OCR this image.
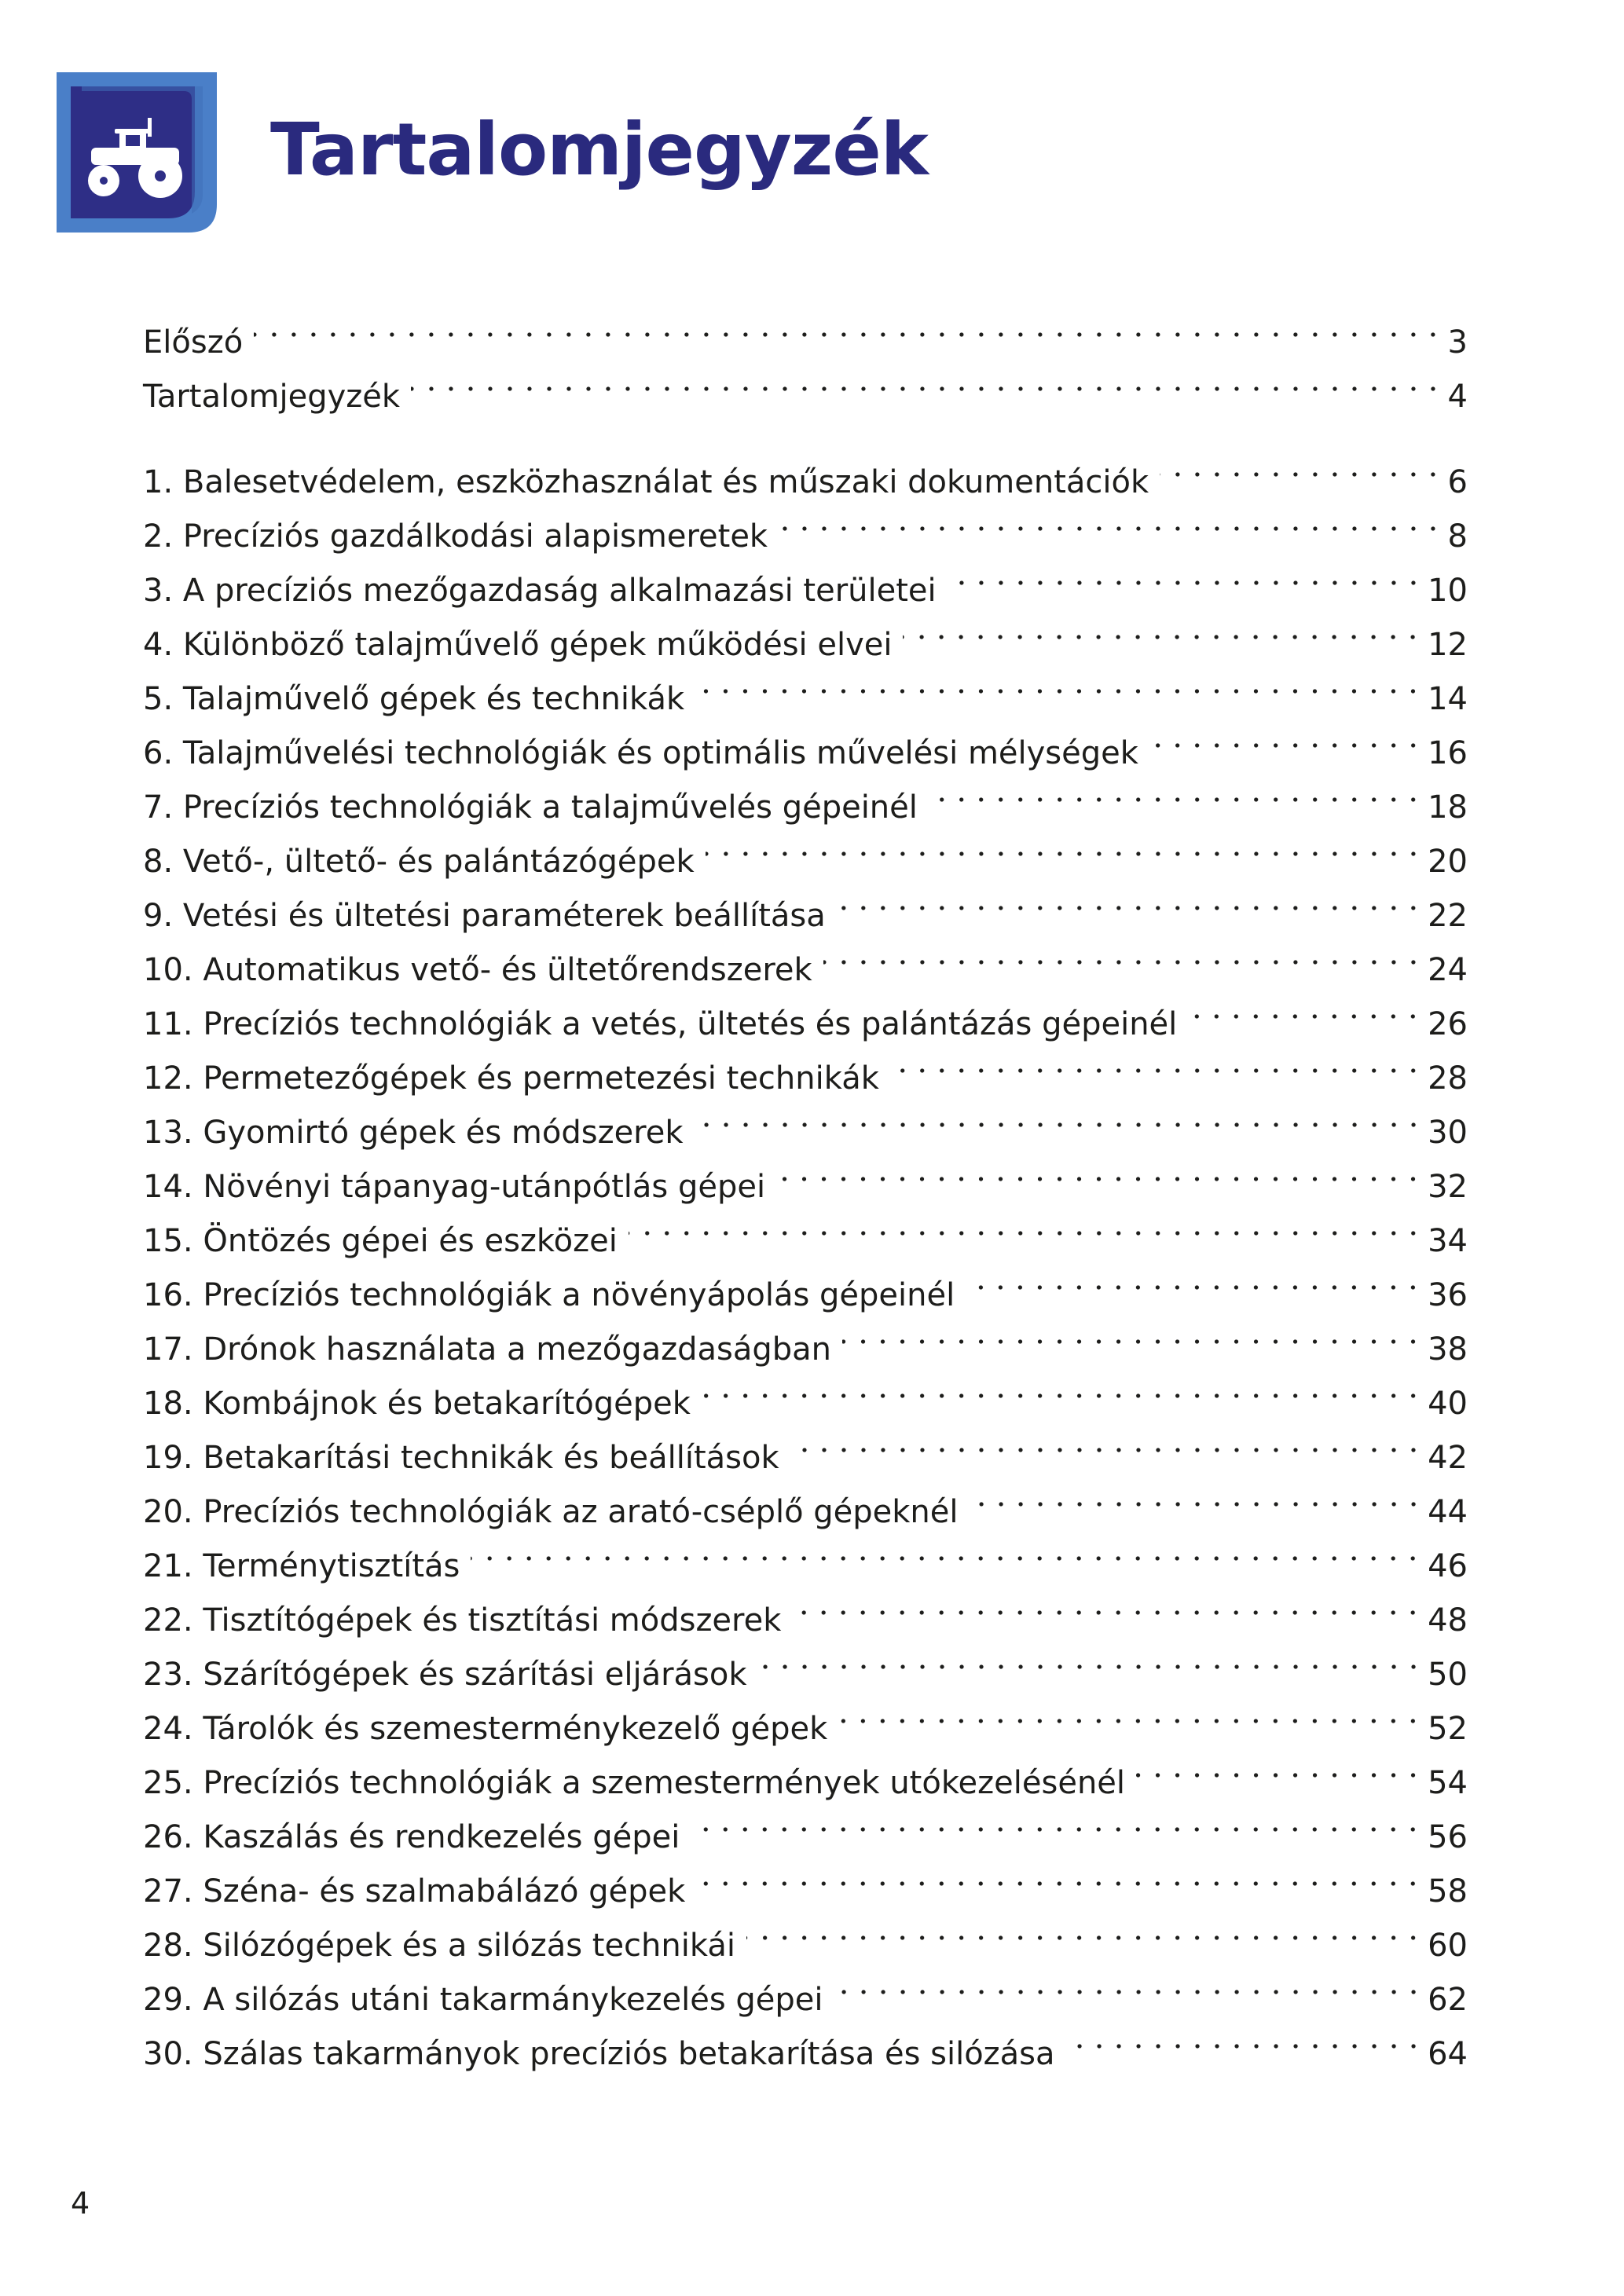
Tartalomjegyzék
Előszó	3
Tartalomjegyzék	4
1. Balesetvédelem, eszközhasználat és műszaki dokumentációk	6
2. Precíziós gazdálkodási alapismeretek	8
3. A precíziós mezőgazdaság alkalmazási területei	10
4. Különböző talajművelő gépek működési elvei	12
5. Talajművelő gépek és technikák	14
6. Talajművelési technológiák és optimális művelési mélységek	16
7. Precíziós technológiák a talajművelés gépeinél	18
8. Vető-, ültető- és palántázógépek	20
9. Vetési és ültetési paraméterek beállítása	22
10. Automatikus vető- és ültetőrendszerek	24
11. Precíziós technológiák a vetés, ültetés és palántázás gépeinél	26
12. Permetezőgépek és permetezési technikák	28
13. Gyomirtó gépek és módszerek	30
14. Növényi tápanyag-utánpótlás gépei	32
15. Öntözés gépei és eszközei	34
16. Precíziós technológiák a növényápolás gépeinél	36
17. Drónok használata a mezőgazdaságban	38
18. Kombájnok és betakarítógépek	40
19. Betakarítási technikák és beállítások	42
20. Precíziós technológiák az arató-cséplő gépeknél	44
21. Terménytisztítás	46
22. Tisztítógépek és tisztítási módszerek	48
23. Szárítógépek és szárítási eljárások	50
24. Tárolók és szemesterménykezelő gépek	52
25. Precíziós technológiák a szemestermények utókezelésénél	54
26. Kaszálás és rendkezelés gépei	56
27. Széna- és szalmabálázó gépek	58
28. Silózógépek és a silózás technikái	60
29. A silózás utáni takarmánykezelés gépei	62
30. Szálas takarmányok precíziós betakarítása és silózása	64
4
